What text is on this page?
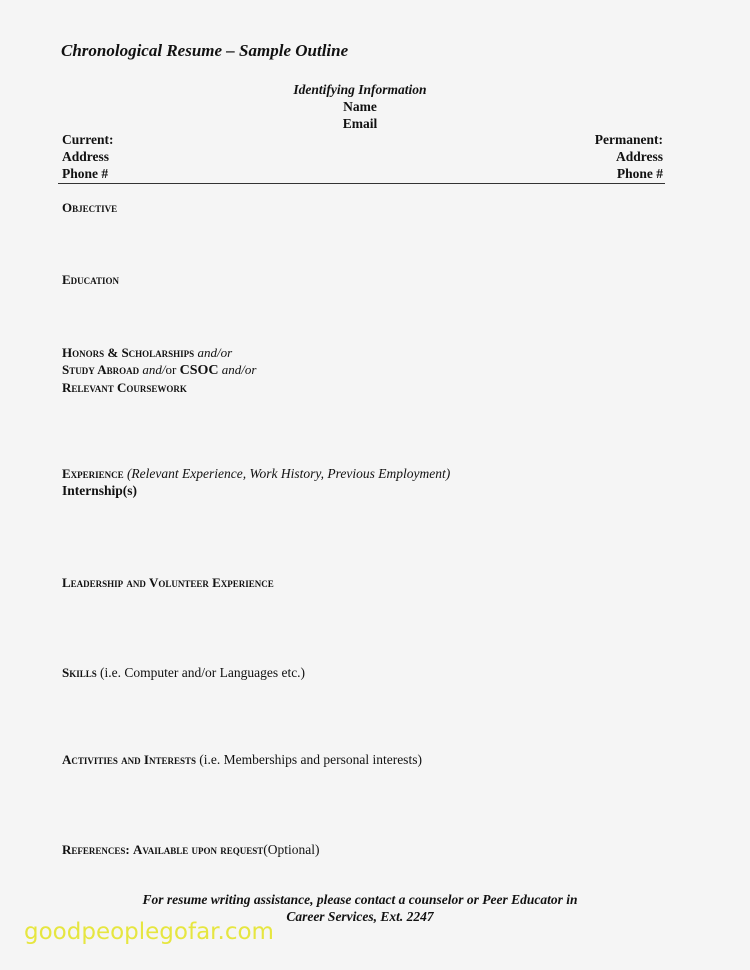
Chronological Resume – Sample Outline
Identifying Information
Name
Email
Current:
Address
Phone #
Permanent:
Address
Phone #
Objective
Education
Honors & Scholarships and/or
Study Abroad and/or CSOC and/or
Relevant Coursework
Experience (Relevant Experience, Work History, Previous Employment)
Internship(s)
Leadership and Volunteer Experience
Skills (i.e. Computer and/or Languages etc.)
Activities and Interests (i.e. Memberships and personal interests)
References: Available upon request(Optional)
For resume writing assistance, please contact a counselor or Peer Educator in
Career Services, Ext. 2247
goodpeoplegofar.com
